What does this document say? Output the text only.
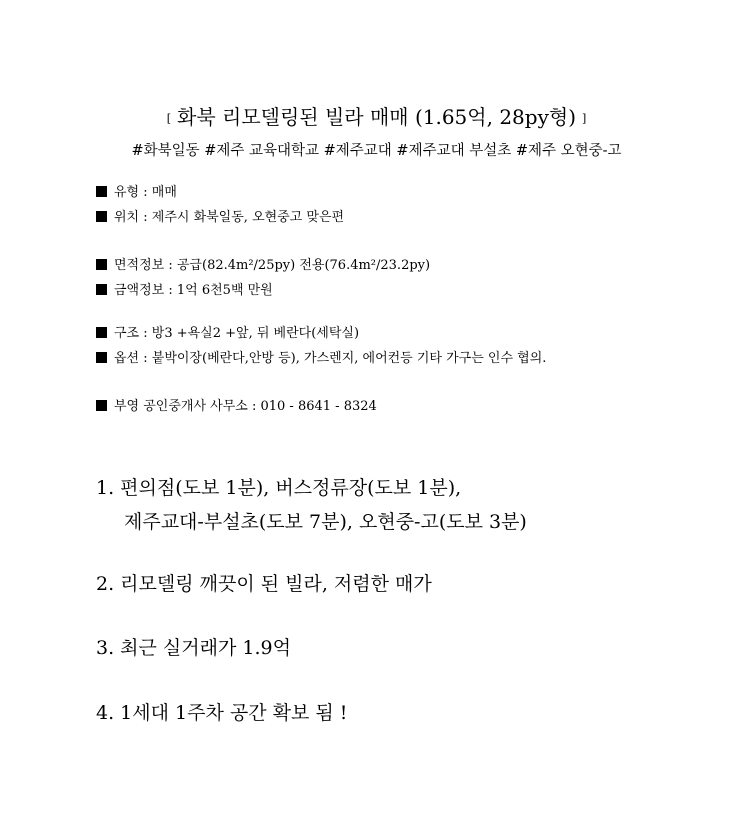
[ 화북 리모델링된 빌라 매매 (1.65억, 28py형) ]
#화북일동 #제주 교육대학교 #제주교대 #제주교대 부설초 #제주 오현중-고
유형 : 매매
위치 : 제주시 화북일동, 오현중고 맞은편
면적정보 : 공급(82.4m²/25py) 전용(76.4m²/23.2py)
금액정보 : 1억 6천5백 만원
구조 : 방3 +욕실2 +앞, 뒤 베란다(세탁실)
옵션 : 붙박이장(베란다,안방 등), 가스렌지, 에어컨등 기타 가구는 인수 협의.
부영 공인중개사 사무소 : 010 - 8641 - 8324
1. 편의점(도보 1분), 버스정류장(도보 1분),
제주교대-부설초(도보 7분), 오현중-고(도보 3분)
2. 리모델링 깨끗이 된 빌라, 저렴한 매가
3. 최근 실거래가 1.9억
4. 1세대 1주차 공간 확보 됨 !
